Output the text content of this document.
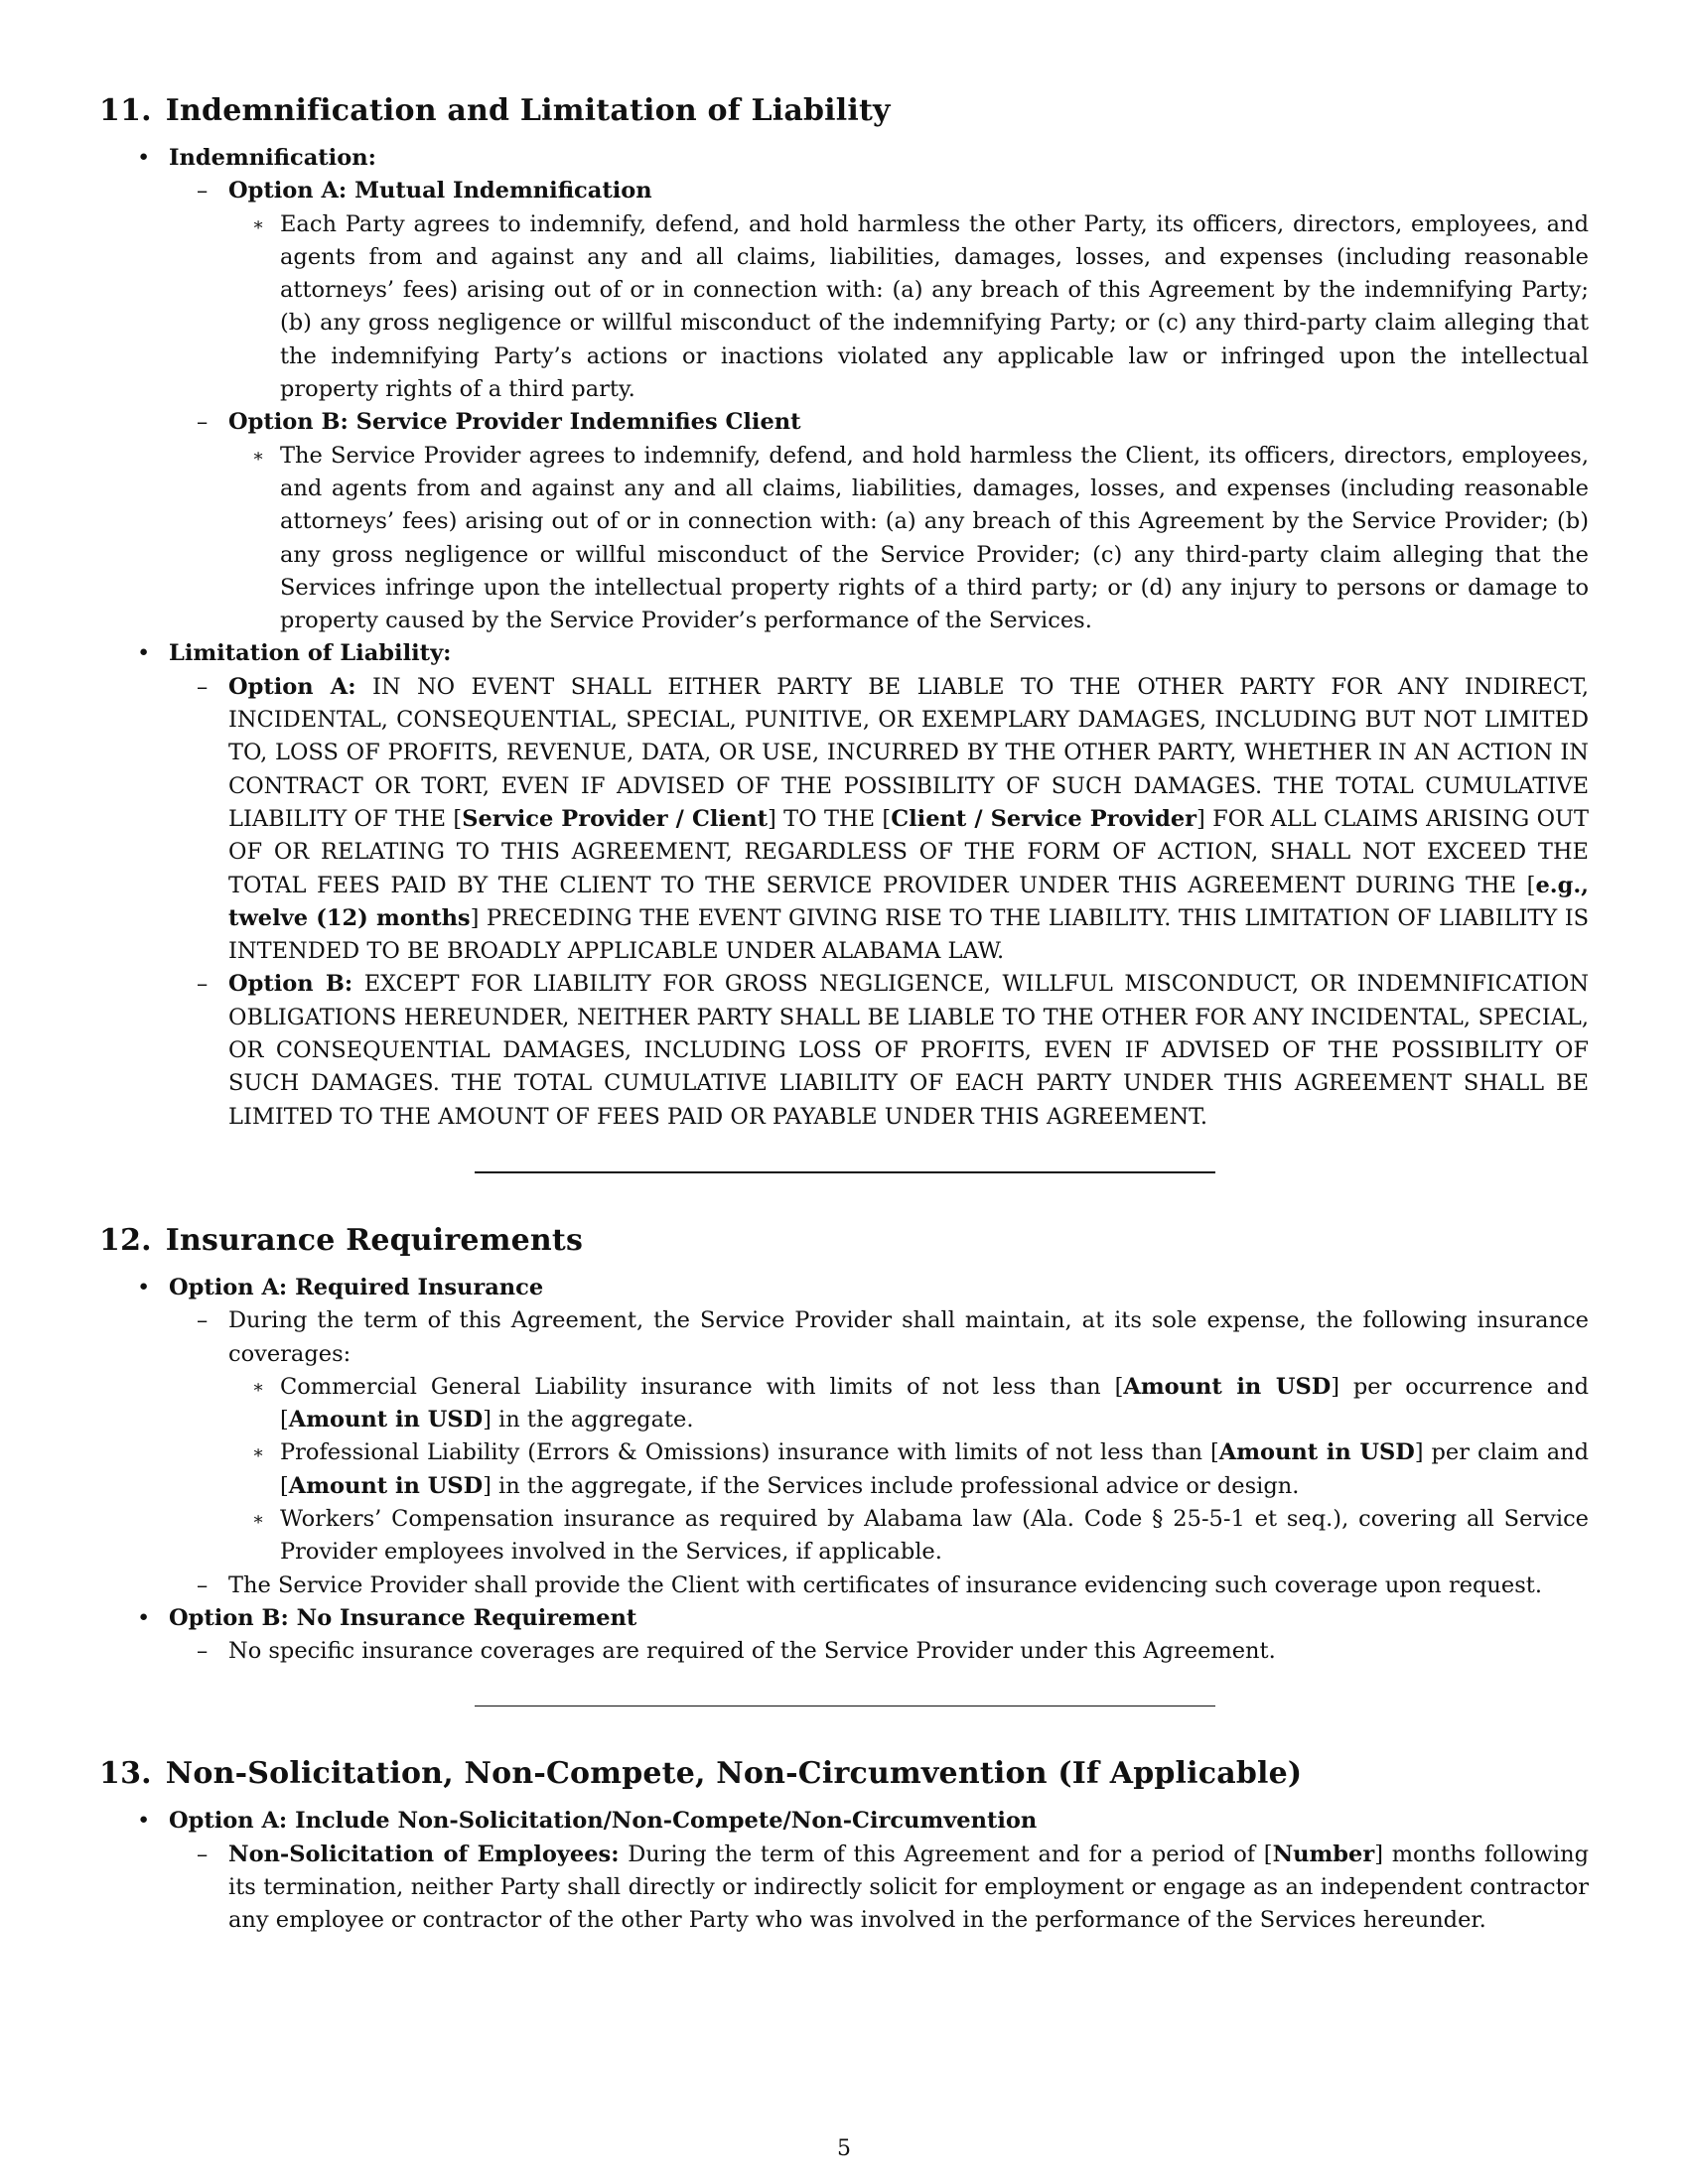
11. Indemnification and Limitation of Liability
• Indemnification:
– Option A: Mutual Indemnification
∗ Each Party agrees to indemnify, defend, and hold harmless the other Party, its officers, directors, employees, and agents from and against any and all claims, liabilities, damages, losses, and expenses (including reasonable attorneys’ fees) arising out of or in connection with: (a) any breach of this Agreement by the indemnifying Party; (b) any gross negligence or willful misconduct of the indemnifying Party; or (c) any third-party claim alleging that the indemnifying Party’s actions or inactions violated any applicable law or infringed upon the intellectual property rights of a third party.
– Option B: Service Provider Indemnifies Client
∗ The Service Provider agrees to indemnify, defend, and hold harmless the Client, its officers, directors, employees, and agents from and against any and all claims, liabilities, damages, losses, and expenses (including reasonable attorneys’ fees) arising out of or in connection with: (a) any breach of this Agreement by the Service Provider; (b) any gross negligence or willful misconduct of the Service Provider; (c) any third-party claim alleging that the Services infringe upon the intellectual property rights of a third party; or (d) any injury to persons or damage to property caused by the Service Provider’s performance of the Services.
• Limitation of Liability:
– Option A: IN NO EVENT SHALL EITHER PARTY BE LIABLE TO THE OTHER PARTY FOR ANY INDIRECT, INCIDENTAL, CONSEQUENTIAL, SPECIAL, PUNITIVE, OR EXEMPLARY DAMAGES, INCLUDING BUT NOT LIMITED TO, LOSS OF PROFITS, REVENUE, DATA, OR USE, INCURRED BY THE OTHER PARTY, WHETHER IN AN ACTION IN CONTRACT OR TORT, EVEN IF ADVISED OF THE POSSIBILITY OF SUCH DAMAGES. THE TOTAL CUMULATIVE LIABILITY OF THE [Service Provider / Client] TO THE [Client / Service Provider] FOR ALL CLAIMS ARISING OUT OF OR RELATING TO THIS AGREEMENT, REGARDLESS OF THE FORM OF ACTION, SHALL NOT EXCEED THE TOTAL FEES PAID BY THE CLIENT TO THE SERVICE PROVIDER UNDER THIS AGREEMENT DURING THE [e.g., twelve (12) months] PRECEDING THE EVENT GIVING RISE TO THE LIABILITY. THIS LIMITATION OF LIABILITY IS INTENDED TO BE BROADLY APPLICABLE UNDER ALABAMA LAW.
– Option B: EXCEPT FOR LIABILITY FOR GROSS NEGLIGENCE, WILLFUL MISCONDUCT, OR INDEMNIFICATION OBLIGATIONS HEREUNDER, NEITHER PARTY SHALL BE LIABLE TO THE OTHER FOR ANY INCIDENTAL, SPECIAL, OR CONSEQUENTIAL DAMAGES, INCLUDING LOSS OF PROFITS, EVEN IF ADVISED OF THE POSSIBILITY OF SUCH DAMAGES. THE TOTAL CUMULATIVE LIABILITY OF EACH PARTY UNDER THIS AGREEMENT SHALL BE LIMITED TO THE AMOUNT OF FEES PAID OR PAYABLE UNDER THIS AGREEMENT.
12. Insurance Requirements
• Option A: Required Insurance
– During the term of this Agreement, the Service Provider shall maintain, at its sole expense, the following insurance coverages:
∗ Commercial General Liability insurance with limits of not less than [Amount in USD] per occurrence and [Amount in USD] in the aggregate.
∗ Professional Liability (Errors & Omissions) insurance with limits of not less than [Amount in USD] per claim and [Amount in USD] in the aggregate, if the Services include professional advice or design.
∗ Workers’ Compensation insurance as required by Alabama law (Ala. Code § 25-5-1 et seq.), covering all Service Provider employees involved in the Services, if applicable.
– The Service Provider shall provide the Client with certificates of insurance evidencing such coverage upon request.
• Option B: No Insurance Requirement
– No specific insurance coverages are required of the Service Provider under this Agreement.
13. Non-Solicitation, Non-Compete, Non-Circumvention (If Applicable)
• Option A: Include Non-Solicitation/Non-Compete/Non-Circumvention
– Non-Solicitation of Employees: During the term of this Agreement and for a period of [Number] months following its termination, neither Party shall directly or indirectly solicit for employment or engage as an independent contractor any employee or contractor of the other Party who was involved in the performance of the Services hereunder.
5
